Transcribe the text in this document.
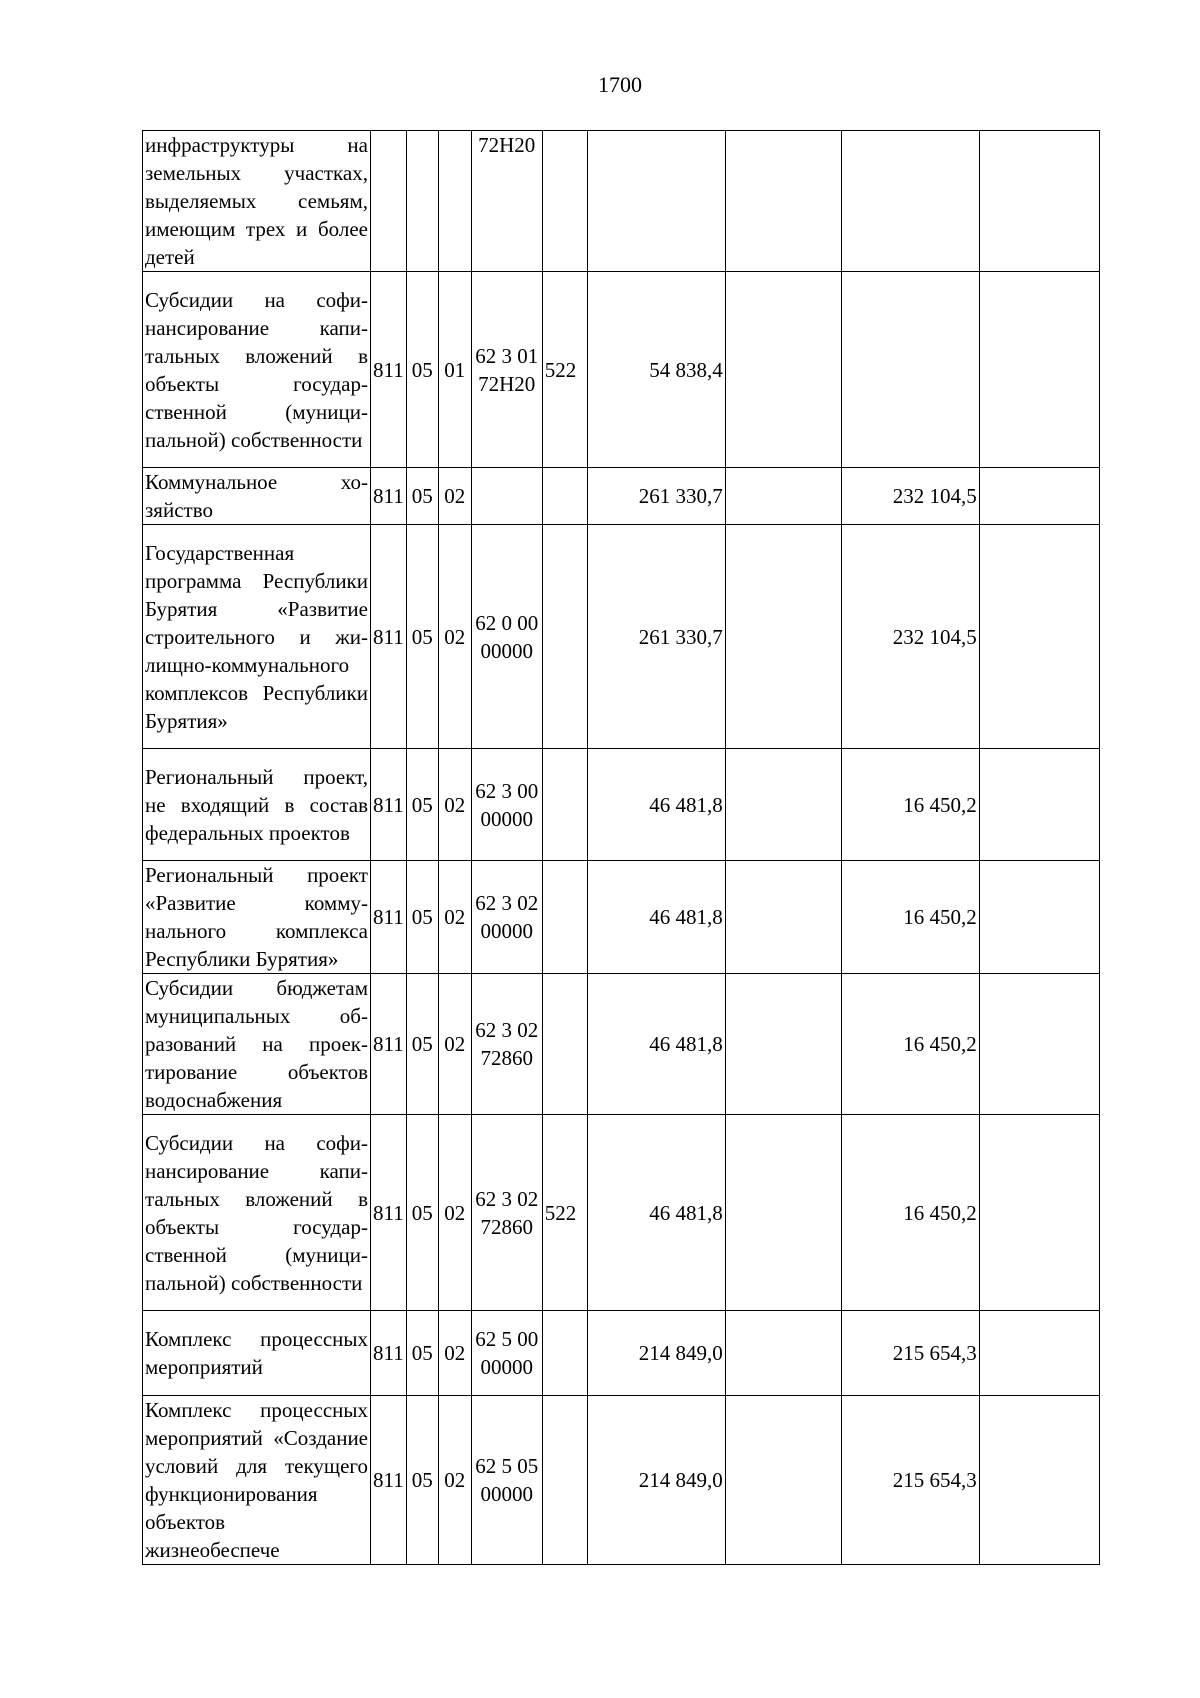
1700
инфраструктуры на земельных участках, выделяемых семьям, имеющим трех и более детей				72H20					
Субсидии на софинансирование капитальных вложений в объекты государственной (муниципальной) собственности	811	05	01	62 3 01 72H20	522	54 838,4			
Коммунальное хозяйство	811	05	02			261 330,7		232 104,5	
Государственная программа Республики Бурятия «Развитие строительного и жилищно-коммунального комплексов Республики Бурятия»	811	05	02	62 0 00 00000		261 330,7		232 104,5	
Региональный проект, не входящий в состав федеральных проектов	811	05	02	62 3 00 00000		46 481,8		16 450,2	
Региональный проект «Развитие коммунального комплекса Республики Бурятия»	811	05	02	62 3 02 00000		46 481,8		16 450,2	
Субсидии бюджетам муниципальных образований на проектирование объектов водоснабжения	811	05	02	62 3 02 72860		46 481,8		16 450,2	
Субсидии на софинансирование капитальных вложений в объекты государственной (муниципальной) собственности	811	05	02	62 3 02 72860	522	46 481,8		16 450,2	
Комплекс процессных мероприятий	811	05	02	62 5 00 00000		214 849,0		215 654,3	
Комплекс процессных мероприятий «Создание условий для текущего функционирования объектов жизнеобеспече	811	05	02	62 5 05 00000		214 849,0		215 654,3	
